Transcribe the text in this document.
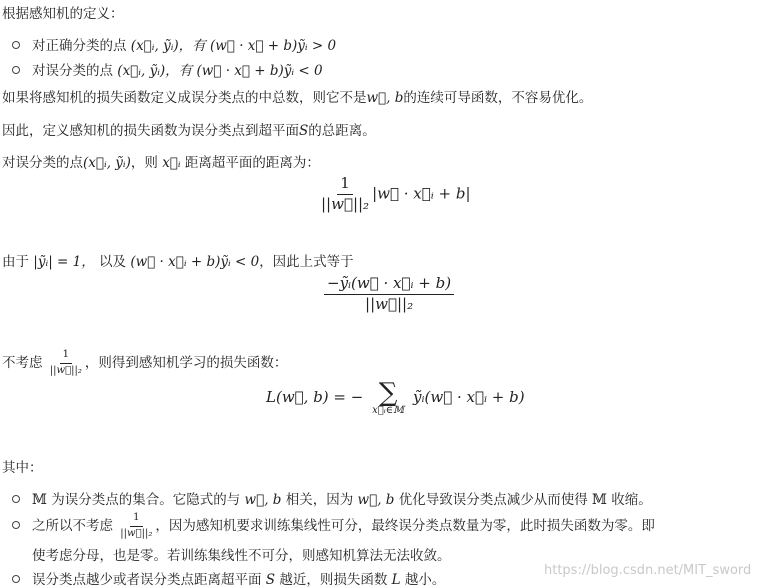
根据感知机的定义：
对正确分类的点 (x⃗ᵢ, ỹᵢ)，有 (w⃗ · x⃗ + b)ỹᵢ > 0
对误分类的点 (x⃗ᵢ, ỹᵢ)，有 (w⃗ · x⃗ + b)ỹᵢ < 0
如果将感知机的损失函数定义成误分类点的中总数，则它不是w⃗, b的连续可导函数，不容易优化。
因此，定义感知机的损失函数为误分类点到超平面S的总距离。
对误分类的点(x⃗ᵢ, ỹᵢ)，则 x⃗ᵢ 距离超平面的距离为：
$\frac{1}{\text{||w⃗||₂}}$ |w⃗ · x⃗ᵢ + b|
由于 |ỹᵢ| = 1， 以及 (w⃗ · x⃗ᵢ + b)ỹᵢ < 0，因此上式等于
$\frac{\text{−ỹᵢ(w⃗ · x⃗ᵢ + b)}}{\text{||w⃗||₂}}$
不考虑 $\frac{1}{\text{||w⃗||₂}}$ ，则得到感知机学习的损失函数：
L(w⃗, b) = − ∑
x⃗ᵢ∈𝕄
ỹᵢ(w⃗ · x⃗ᵢ + b)
其中：
𝕄 为误分类点的集合。它隐式的与 w⃗, b 相关，因为 w⃗, b 优化导致误分类点减少从而使得 𝕄 收缩。
之所以不考虑 $\frac{1}{\text{||w⃗||₂}}$ ，因为感知机要求训练集线性可分，最终误分类点数量为零，此时损失函数为零。即
使考虑分母，也是零。若训练集线性不可分，则感知机算法无法收敛。
误分类点越少或者误分类点距离超平面 S 越近，则损失函数 L 越小。
https://blog.csdn.net/MIT_sword
